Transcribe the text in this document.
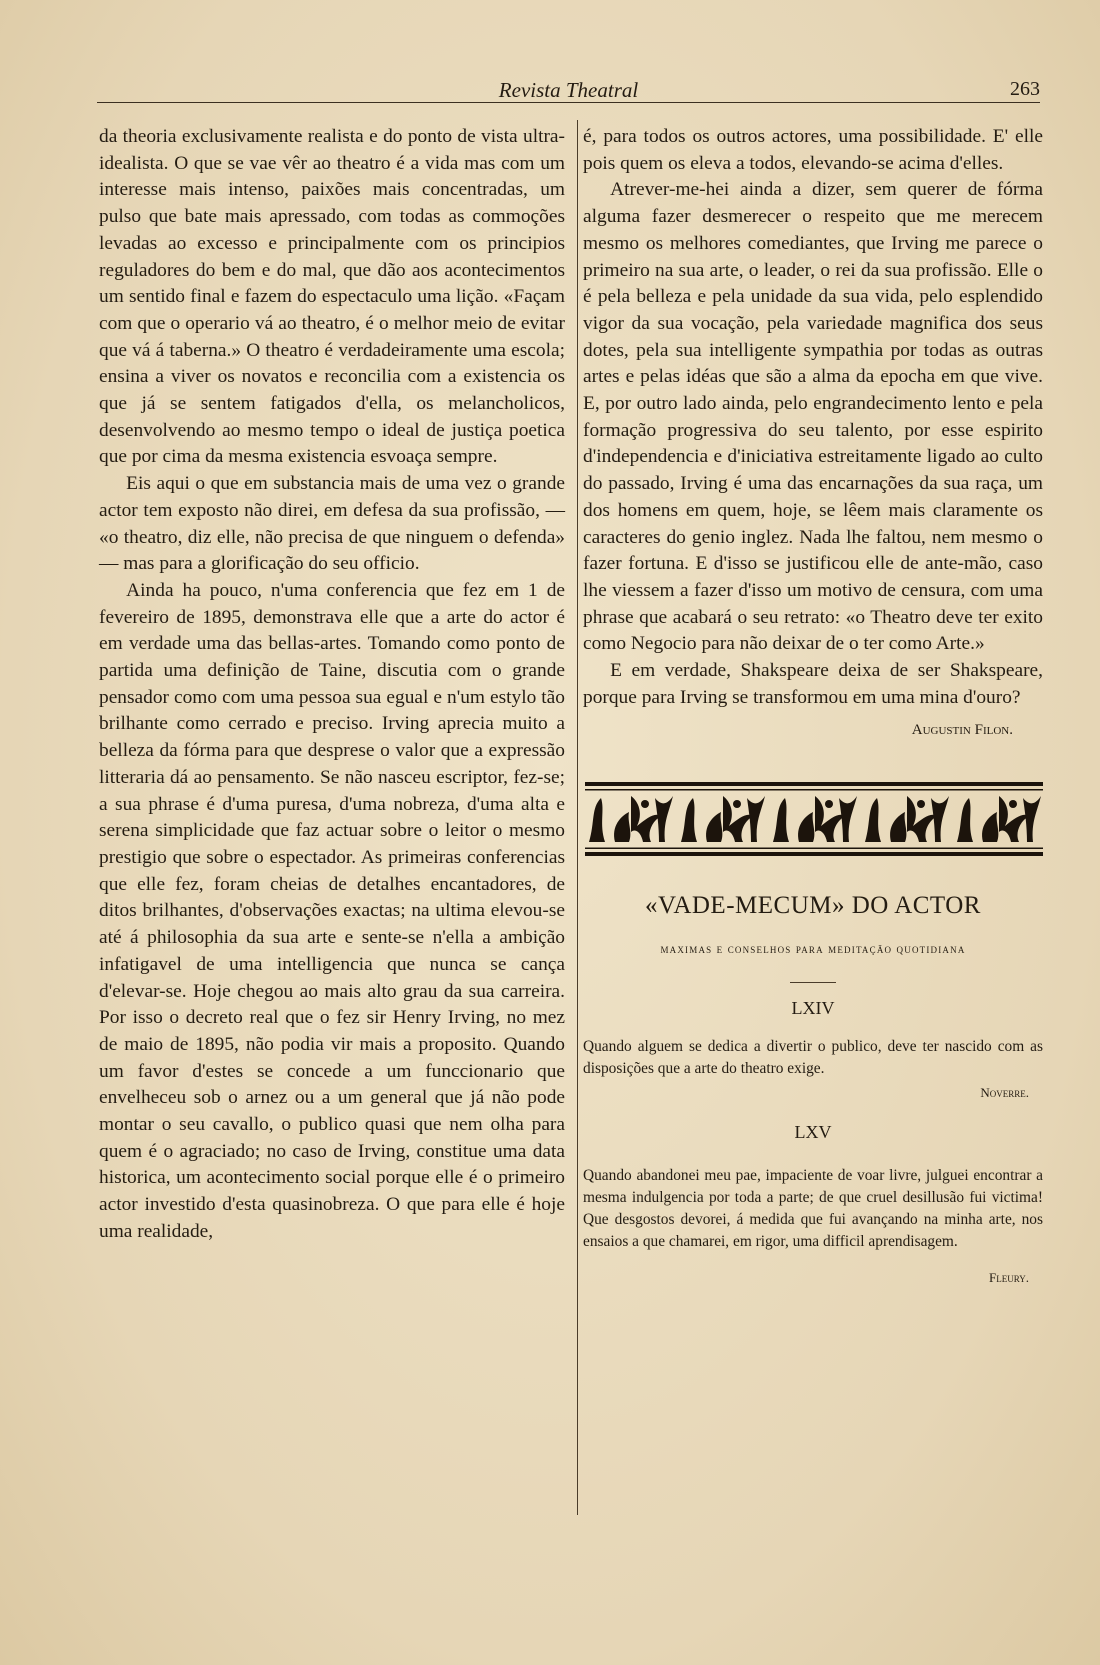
Revista Theatral	263

da theoria exclusivamente realista e do ponto de vista ultra-idealista. O que se vae vêr ao theatro é a vida mas com um interesse mais intenso, paixões mais concentradas, um pulso que bate mais apressado, com todas as commoções levadas ao excesso e principalmente com os principios reguladores do bem e do mal, que dão aos acontecimentos um sentido final e fazem do espectaculo uma lição. «Façam com que o operario vá ao theatro, é o melhor meio de evitar que vá á taberna.» O theatro é verdadeiramente uma escola; ensina a viver os novatos e reconcilia com a existencia os que já se sentem fatigados d'ella, os melancholicos, desenvolvendo ao mesmo tempo o ideal de justiça poetica que por cima da mesma existencia esvoaça sempre.

Eis aqui o que em substancia mais de uma vez o grande actor tem exposto não direi, em defesa da sua profissão, — «o theatro, diz elle, não precisa de que ninguem o defenda» — mas para a glorificação do seu officio.

Ainda ha pouco, n'uma conferencia que fez em 1 de fevereiro de 1895, demonstrava elle que a arte do actor é em verdade uma das bellas-artes. Tomando como ponto de partida uma definição de Taine, discutia com o grande pensador como com uma pessoa sua egual e n'um estylo tão brilhante como cerrado e preciso. Irving aprecia muito a belleza da fórma para que desprese o valor que a expressão litteraria dá ao pensamento. Se não nasceu escriptor, fez-se; a sua phrase é d'uma puresa, d'uma nobreza, d'uma alta e serena simplicidade que faz actuar sobre o leitor o mesmo prestigio que sobre o espectador. As primeiras conferencias que elle fez, foram cheias de detalhes encantadores, de ditos brilhantes, d'observações exactas; na ultima elevou-se até á philosophia da sua arte e sente-se n'ella a ambição infatigavel de uma intelligencia que nunca se cança d'elevar-se. Hoje chegou ao mais alto grau da sua carreira. Por isso o decreto real que o fez sir Henry Irving, no mez de maio de 1895, não podia vir mais a proposito. Quando um favor d'estes se concede a um funccionario que envelheceu sob o arnez ou a um general que já não pode montar o seu cavallo, o publico quasi que nem olha para quem é o agraciado; no caso de Irving, constitue uma data historica, um acontecimento social porque elle é o primeiro actor investido d'esta quasinobreza. O que para elle é hoje uma realidade,

é, para todos os outros actores, uma possibilidade. E' elle pois quem os eleva a todos, elevando-se acima d'elles.

Atrever-me-hei ainda a dizer, sem querer de fórma alguma fazer desmerecer o respeito que me merecem mesmo os melhores comediantes, que Irving me parece o primeiro na sua arte, o leader, o rei da sua profissão. Elle o é pela belleza e pela unidade da sua vida, pelo esplendido vigor da sua vocação, pela variedade magnifica dos seus dotes, pela sua intelligente sympathia por todas as outras artes e pelas idéas que são a alma da epocha em que vive. E, por outro lado ainda, pelo engrandecimento lento e pela formação progressiva do seu talento, por esse espirito d'independencia e d'iniciativa estreitamente ligado ao culto do passado, Irving é uma das encarnações da sua raça, um dos homens em quem, hoje, se lêem mais claramente os caracteres do genio inglez. Nada lhe faltou, nem mesmo o fazer fortuna. E d'isso se justificou elle de ante-mão, caso lhe viessem a fazer d'isso um motivo de censura, com uma phrase que acabará o seu retrato: «o Theatro deve ter exito como Negocio para não deixar de o ter como Arte.»

E em verdade, Shakspeare deixa de ser Shakspeare, porque para Irving se transformou em uma mina d'ouro?

Augustin Filon.
«VADE-MECUM» DO ACTOR
maximas e conselhos para meditação quotidiana
LXIV

Quando alguem se dedica a divertir o publico, deve ter nascido com as disposições que a arte do theatro exige.

Noverre.
LXV

Quando abandonei meu pae, impaciente de voar livre, julguei encontrar a mesma indulgencia por toda a parte; de que cruel desillusão fui victima! Que desgostos devorei, á medida que fui avançando na minha arte, nos ensaios a que chamarei, em rigor, uma difficil aprendisagem.

Fleury.
